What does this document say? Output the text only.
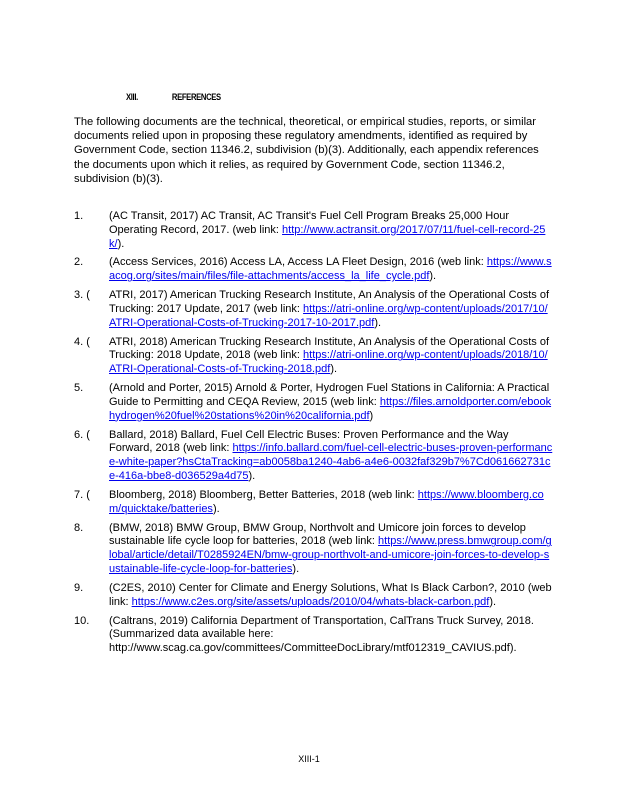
XIII.	REFERENCES

The following documents are the technical, theoretical, or empirical studies, reports, or similar documents relied upon in proposing these regulatory amendments, identified as required by Government Code, section 11346.2, subdivision (b)(3). Additionally, each appendix references the documents upon which it relies, as required by Government Code, section 11346.2, subdivision (b)(3).

1. (AC Transit, 2017) AC Transit, AC Transit's Fuel Cell Program Breaks 25,000 Hour Operating Record, 2017. (web link: http://www.actransit.org/2017/07/11/fuel-cell-record-25k/).
2. (Access Services, 2016) Access LA, Access LA Fleet Design, 2016 (web link: https://www.sacog.org/sites/main/files/file-attachments/access_la_life_cycle.pdf).
3. ( ATRI, 2017) American Trucking Research Institute, An Analysis of the Operational Costs of Trucking: 2017 Update, 2017 (web link: https://atri-online.org/wp-content/uploads/2017/10/ATRI-Operational-Costs-of-Trucking-2017-10-2017.pdf).
4. ( ATRI, 2018) American Trucking Research Institute, An Analysis of the Operational Costs of Trucking: 2018 Update, 2018 (web link: https://atri-online.org/wp-content/uploads/2018/10/ATRI-Operational-Costs-of-Trucking-2018.pdf).
5. (Arnold and Porter, 2015) Arnold & Porter, Hydrogen Fuel Stations in California: A Practical Guide to Permitting and CEQA Review, 2015 (web link: https://files.arnoldporter.com/ebook hydrogen%20fuel%20stations%20in%20california.pdf)
6. ( Ballard, 2018) Ballard, Fuel Cell Electric Buses: Proven Performance and the Way Forward, 2018 (web link: https://info.ballard.com/fuel-cell-electric-buses-proven-performance-white-paper?hsCtaTracking=ab0058ba1240-4ab6-a4e6-0032faf329b7%7Cd061662731ce-416a-bbe8-d036529a4d75).
7. ( Bloomberg, 2018) Bloomberg, Better Batteries, 2018 (web link: https://www.bloomberg.com/quicktake/batteries).
8. (BMW, 2018) BMW Group, BMW Group, Northvolt and Umicore join forces to develop sustainable life cycle loop for batteries, 2018 (web link: https://www.press.bmwgroup.com/global/article/detail/T0285924EN/bmw-group-northvolt-and-umicore-join-forces-to-develop-sustainable-life-cycle-loop-for-batteries).
9. (C2ES, 2010) Center for Climate and Energy Solutions, What Is Black Carbon?, 2010 (web link: https://www.c2es.org/site/assets/uploads/2010/04/whats-black-carbon.pdf).
10. (Caltrans, 2019) California Department of Transportation, CalTrans Truck Survey, 2018. (Summarized data available here: http://www.scag.ca.gov/committees/CommitteeDocLibrary/mtf012319_CAVIUS.pdf).
XIII-1
